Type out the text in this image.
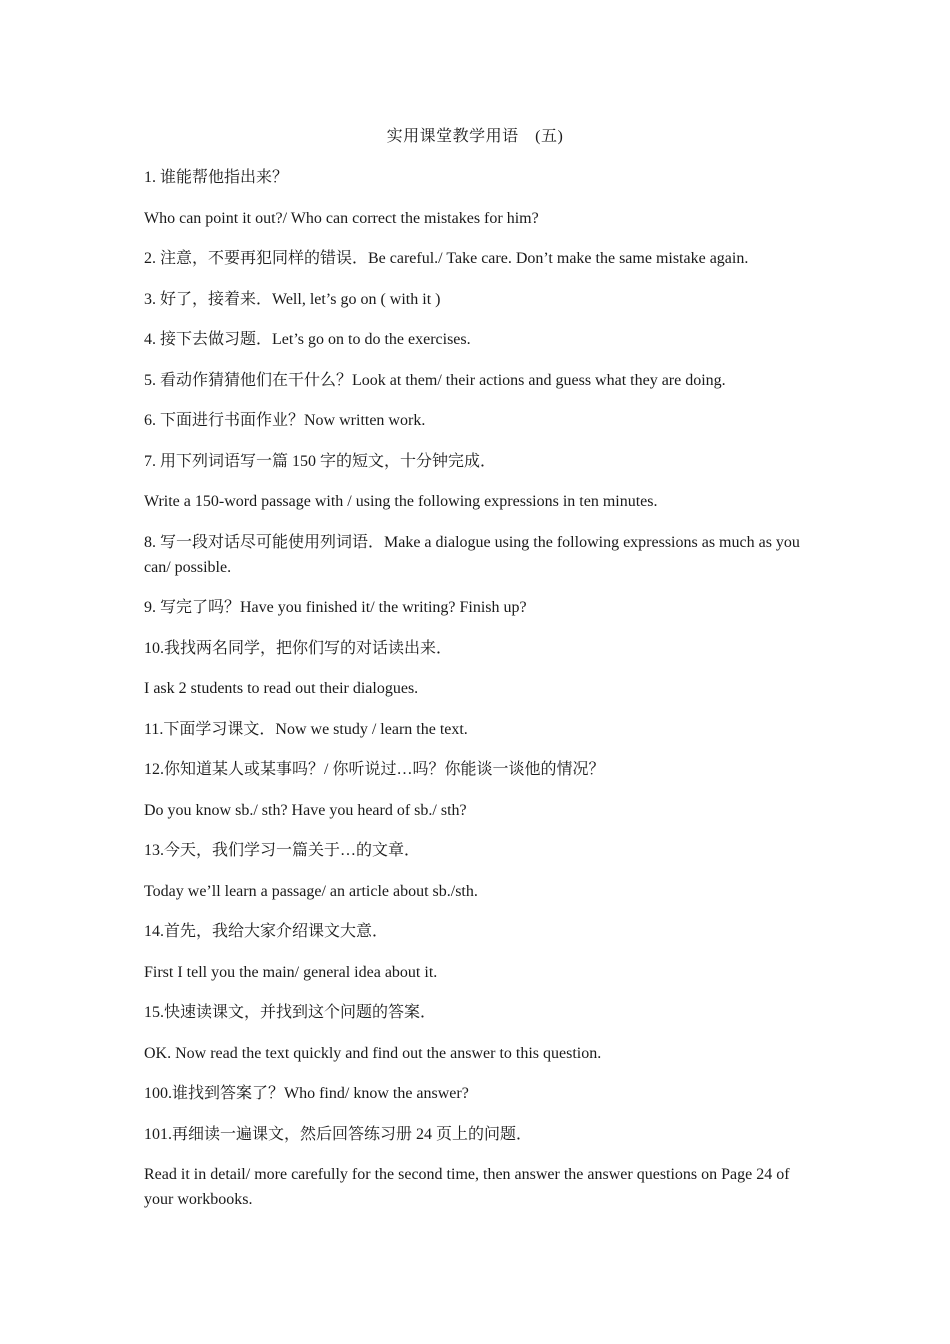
实用课堂教学用语　(五)

1. 谁能帮他指出来？

Who can point it out?/ Who can correct the mistakes for him?

2. 注意，不要再犯同样的错误．Be careful./ Take care. Don’t make the same mistake again.

3. 好了，接着来．Well, let’s go on ( with it )

4. 接下去做习题．Let’s go on to do the exercises.

5. 看动作猜猜他们在干什么？Look at them/ their actions and guess what they are doing.

6. 下面进行书面作业？Now written work.

7. 用下列词语写一篇 150 字的短文，十分钟完成．

Write a 150-word passage with / using the following expressions in ten minutes.

8. 写一段对话尽可能使用列词语．Make a dialogue using the following expressions as much as you can/ possible.

9. 写完了吗？Have you finished it/ the writing? Finish up?

10.我找两名同学，把你们写的对话读出来．

I ask 2 students to read out their dialogues.

11.下面学习课文．Now we study / learn the text.

12.你知道某人或某事吗？/ 你听说过…吗？你能谈一谈他的情况？

Do you know sb./ sth? Have you heard of sb./ sth?

13.今天，我们学习一篇关于…的文章．

Today we’ll learn a passage/ an article about sb./sth.

14.首先，我给大家介绍课文大意．

First I tell you the main/ general idea about it.

15.快速读课文，并找到这个问题的答案．

OK. Now read the text quickly and find out the answer to this question.

100.谁找到答案了？Who find/ know the answer?

101.再细读一遍课文，然后回答练习册 24 页上的问题．

Read it in detail/ more carefully for the second time, then answer the answer questions on Page 24 of your workbooks.
